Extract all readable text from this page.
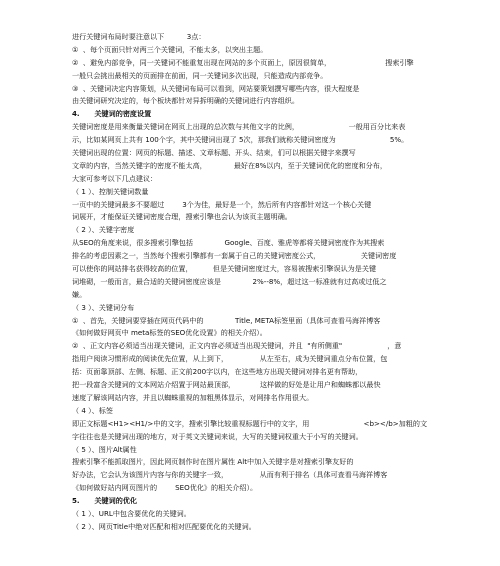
进行关键词布局时要注意以下          3点：
①  、每个页面只针对两三个关键词，不能太多，以突出主题。
②  、避免内部竞争，同一关键词不能重复出现在网站的多个页面上，原因很简单，                        搜索引擎
一般只会挑出最相关的页面排在前面，同一关键词多次出现，只能造成内部竞争。
③  、关键词决定内容策划，从关键词布局可以看到，网站要策划撰写哪些内容，很大程度是
由关键词研究决定的，每个板块都针对异拆明确的关键词进行内容组织。
4.      关键词的密度设置
关键词密度是用来衡量关键词在网页上出现的总次数与其他文字的比例，                      一般用百分比来表
示，比如某网页上共有 100个字，其中关键词出现了 5次，那我们就称关键词密度为                        5%。
关键词出现的位置：网页的标题、描述、文章标题、开头、结束，们可以根据关键字来撰写
文章的内容，当然关键字的密度不能太高，            最好在8%以内，至于关键词优化的密度和分布，
大家可参考以下几点建议：
（ 1 ）、控制关键词数量
一页中的关键词最多不要超过        3个为佳，最好是一个，然后所有内容都针对这一个核心关键
词展开，才能保证关键词密度合理，搜索引擎也会认为该页主题明确。
（ 2 ）、关键字密度
从SEO的角度来说，很多搜索引擎包括              Google、百度、雅虎等都将关键词密度作为其搜索
排名的考虑因素之一，当然每个搜索引擎都有一套属于自己的关键词密度公式，                  关键词密度
可以使你的网站排名获得较高的位置，         但是关键词密度过大，容易被搜索引擎误认为是关键
词堆砌，一般而言，最合适的关键词密度应该是              2%--8%，超过这一标准就有过高或过低之
嫌。
（ 3 ）、关键词分布
①  、首先，关键词要穿插在网页代码中的              Title, META标签里面（具体可查看马海祥博客
《如何做好网页中 meta标签的SEO优化设置》的相关介绍）。
②  、正文内容必须适当出现关键词，正文内容必须适当出现关键词，并且  "有所侧重"                    ，意
指用户阅读习惯形成的阅读优先位置，从上到下，              从左至右，成为关键词重点分布位置，包
括：页面靠顶部、左侧、标题、正文前200字以内，在这些地方出现关键词对排名更有帮助，
把一段富含关键词的文本网站介绍置于网站最顶部，           这样做的好处是让用户和蜘蛛都以最快
速度了解该网站内容，并且以蜘蛛重视的加粗黑体显示，对网排名作用很大。
（ 4 ）、标签
即正文标题<H1><H1/>中的文字，搜索引擎比较重视标题行中的文字，用                        <b></b>加粗的文
字往往也是关键词出现的地方，对于英文关键词来说，大写的关键词权重大于小写的关键词。
（ 5 ）、图片Alt属性
搜索引擎不能抓取图片，因此网页制作时在图片属性 Alt中加入关键字是对搜索引擎友好的
好办法，它会认为该图片内容与你的关键字一致，              从而有利于排名（具体可查看马海祥博客
《如何做好站内网页图片的        SEO优化》的相关介绍）。
5.      关键词的优化
（ 1 ）、URL中包含要优化的关键词。
（ 2 ）、网页Title中绝对匹配和相对匹配要优化的关键词。
